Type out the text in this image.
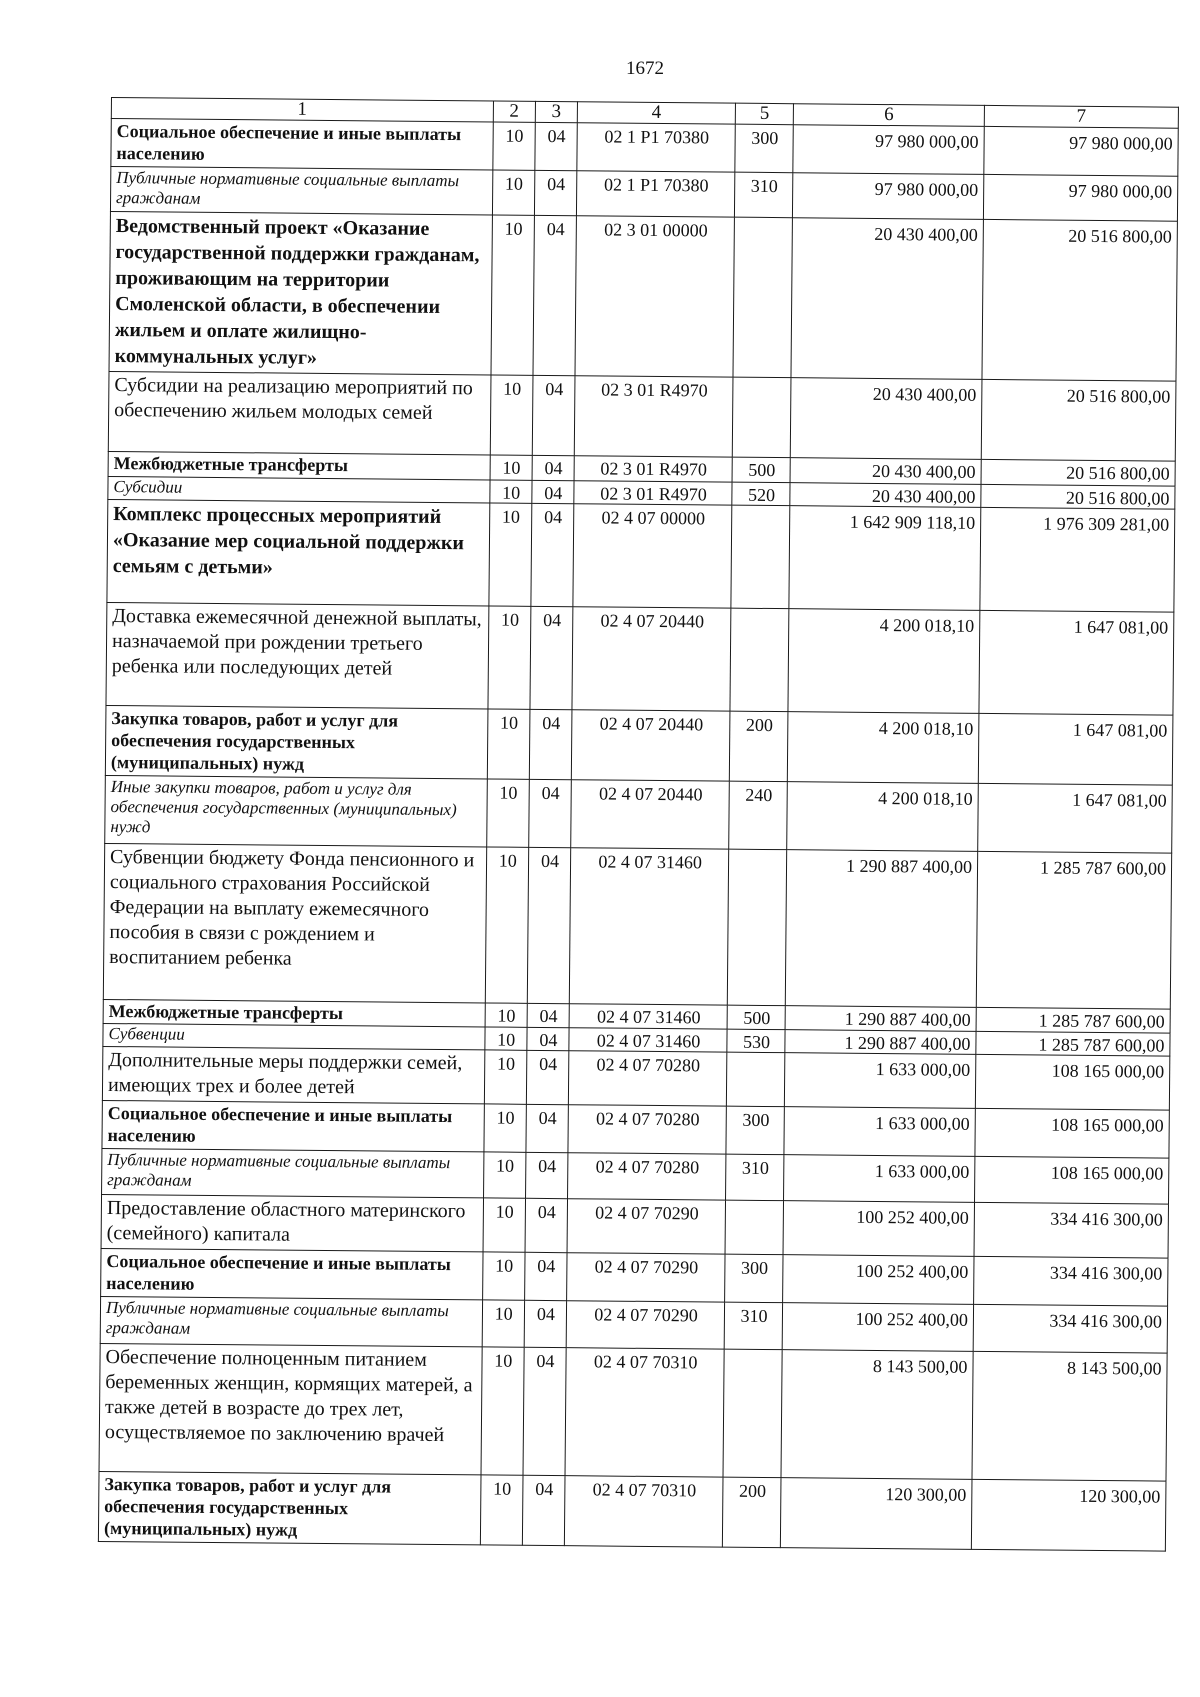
1672
1	2	3	4	5	6	7
Социальное обеспечение и иные выплаты населению	10	04	02 1 Р1 70380	300	97 980 000,00	97 980 000,00
Публичные нормативные социальные выплаты гражданам	10	04	02 1 Р1 70380	310	97 980 000,00	97 980 000,00
Ведомственный проект «Оказание государственной поддержки гражданам, проживающим на территории Смоленской области, в обеспечении жильем и оплате жилищно-коммунальных услуг»	10	04	02 3 01 00000		20 430 400,00	20 516 800,00
Субсидии на реализацию мероприятий по обеспечению жильем молодых семей	10	04	02 3 01 R4970		20 430 400,00	20 516 800,00
Межбюджетные трансферты	10	04	02 3 01 R4970	500	20 430 400,00	20 516 800,00
Субсидии	10	04	02 3 01 R4970	520	20 430 400,00	20 516 800,00
Комплекс процессных мероприятий «Оказание мер социальной поддержки семьям с детьми»	10	04	02 4 07 00000		1 642 909 118,10	1 976 309 281,00
Доставка ежемесячной денежной выплаты, назначаемой при рождении третьего ребенка или последующих детей	10	04	02 4 07 20440		4 200 018,10	1 647 081,00
Закупка товаров, работ и услуг для обеспечения государственных (муниципальных) нужд	10	04	02 4 07 20440	200	4 200 018,10	1 647 081,00
Иные закупки товаров, работ и услуг для обеспечения государственных (муниципальных) нужд	10	04	02 4 07 20440	240	4 200 018,10	1 647 081,00
Субвенции бюджету Фонда пенсионного и социального страхования Российской Федерации на выплату ежемесячного пособия в связи с рождением и воспитанием ребенка	10	04	02 4 07 31460		1 290 887 400,00	1 285 787 600,00
Межбюджетные трансферты	10	04	02 4 07 31460	500	1 290 887 400,00	1 285 787 600,00
Субвенции	10	04	02 4 07 31460	530	1 290 887 400,00	1 285 787 600,00
Дополнительные меры поддержки семей, имеющих трех и более детей	10	04	02 4 07 70280		1 633 000,00	108 165 000,00
Социальное обеспечение и иные выплаты населению	10	04	02 4 07 70280	300	1 633 000,00	108 165 000,00
Публичные нормативные социальные выплаты гражданам	10	04	02 4 07 70280	310	1 633 000,00	108 165 000,00
Предоставление областного материнского (семейного) капитала	10	04	02 4 07 70290		100 252 400,00	334 416 300,00
Социальное обеспечение и иные выплаты населению	10	04	02 4 07 70290	300	100 252 400,00	334 416 300,00
Публичные нормативные социальные выплаты гражданам	10	04	02 4 07 70290	310	100 252 400,00	334 416 300,00
Обеспечение полноценным питанием беременных женщин, кормящих матерей, а также детей в возрасте до трех лет, осуществляемое по заключению врачей	10	04	02 4 07 70310		8 143 500,00	8 143 500,00
Закупка товаров, работ и услуг для обеспечения государственных (муниципальных) нужд	10	04	02 4 07 70310	200	120 300,00	120 300,00
